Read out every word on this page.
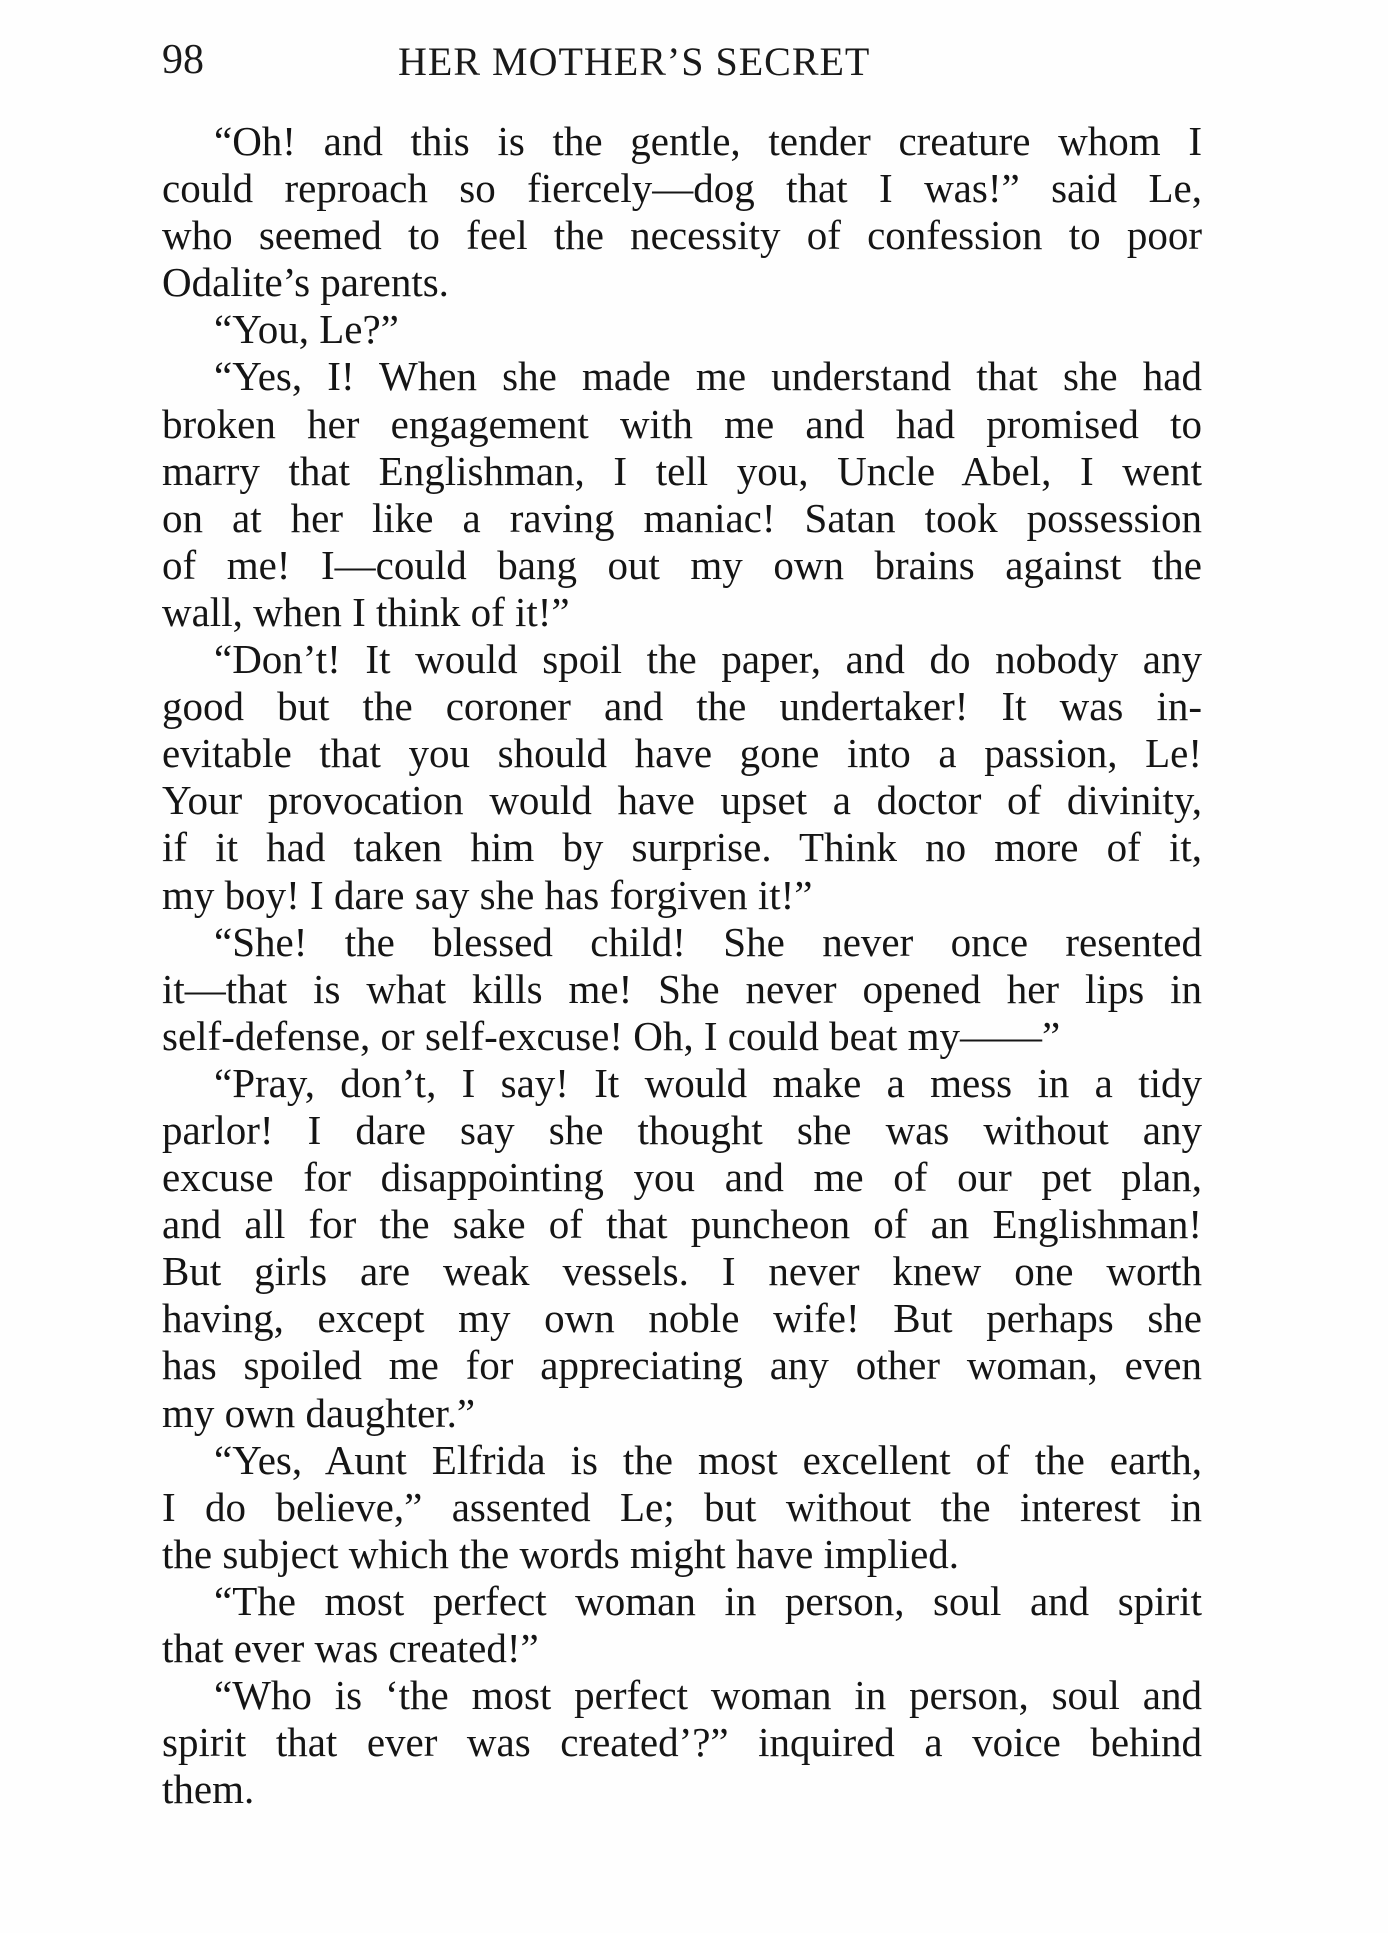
98	HER MOTHER’S SECRET
“Oh! and this is the gentle, tender creature whom I
could reproach so fiercely—dog that I was!” said Le,
who seemed to feel the necessity of confession to poor
Odalite’s parents.
“You, Le?”
“Yes, I! When she made me understand that she had
broken her engagement with me and had promised to
marry that Englishman, I tell you, Uncle Abel, I went
on at her like a raving maniac! Satan took possession
of me! I—could bang out my own brains against the
wall, when I think of it!”
“Don’t! It would spoil the paper, and do nobody any
good but the coroner and the undertaker! It was in-
evitable that you should have gone into a passion, Le!
Your provocation would have upset a doctor of divinity,
if it had taken him by surprise. Think no more of it,
my boy! I dare say she has forgiven it!”
“She! the blessed child! She never once resented
it—that is what kills me! She never opened her lips in
self-defense, or self-excuse! Oh, I could beat my——”
“Pray, don’t, I say! It would make a mess in a tidy
parlor! I dare say she thought she was without any
excuse for disappointing you and me of our pet plan,
and all for the sake of that puncheon of an Englishman!
But girls are weak vessels. I never knew one worth
having, except my own noble wife! But perhaps she
has spoiled me for appreciating any other woman, even
my own daughter.”
“Yes, Aunt Elfrida is the most excellent of the earth,
I do believe,” assented Le; but without the interest in
the subject which the words might have implied.
“The most perfect woman in person, soul and spirit
that ever was created!”
“Who is ‘the most perfect woman in person, soul and
spirit that ever was created’?” inquired a voice behind
them.
